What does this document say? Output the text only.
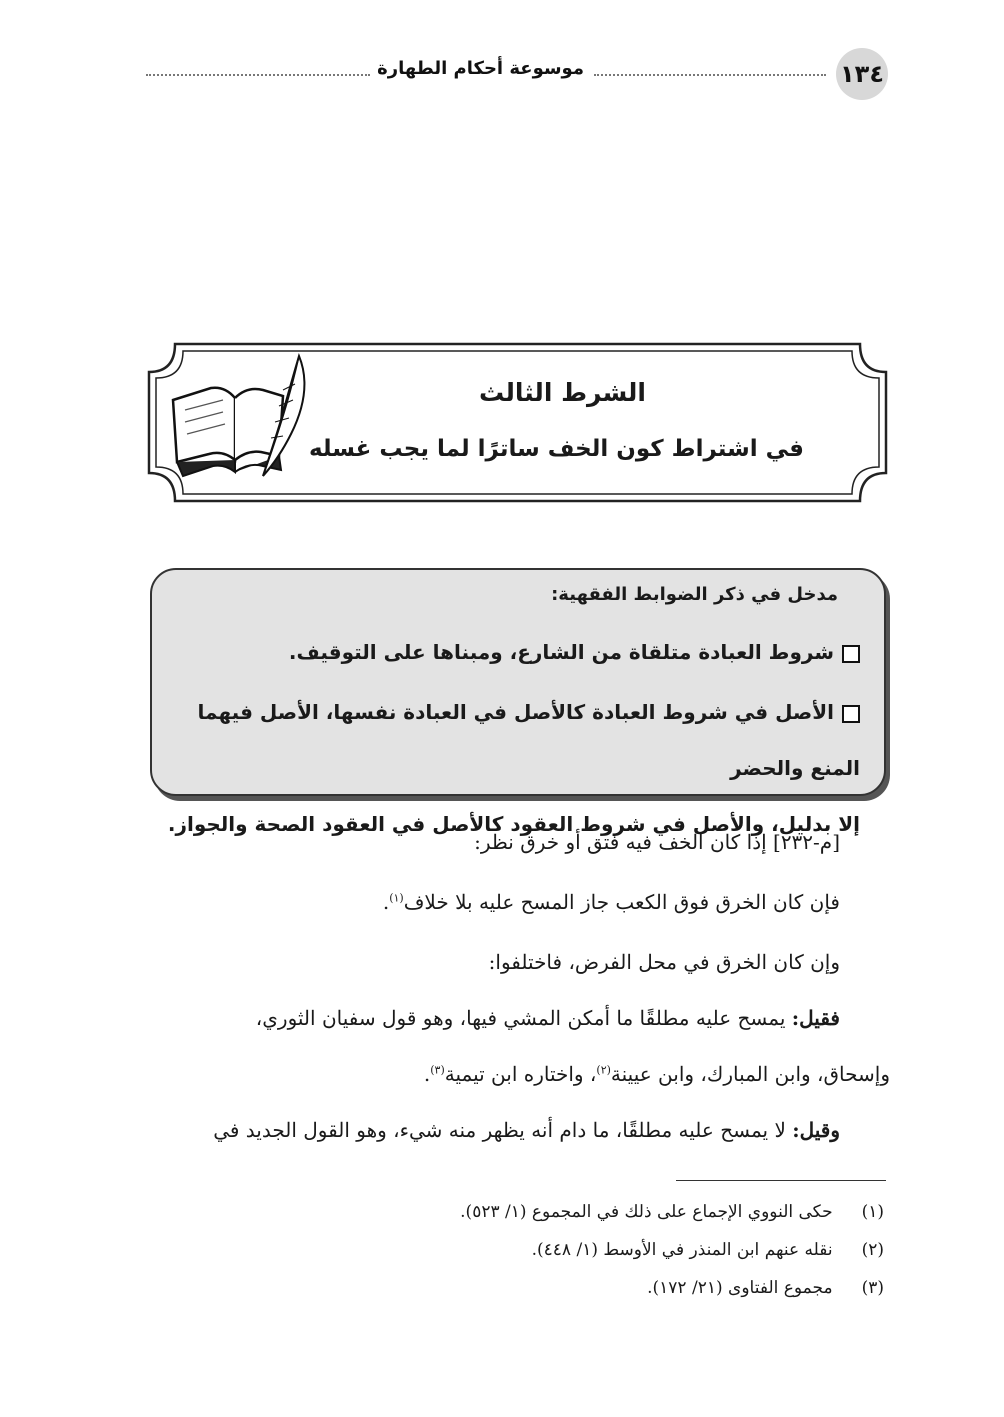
موسوعة أحكام الطهارة	١٣٤
الشرط الثالث
في اشتراط كون الخف ساترًا لما يجب غسله
مدخل في ذكر الضوابط الفقهية:
شروط العبادة متلقاة من الشارع، ومبناها على التوقيف.
الأصل في شروط العبادة كالأصل في العبادة نفسها، الأصل فيهما المنع والحضر
إلا بدليل، والأصل في شروط العقود كالأصل في العقود الصحة والجواز.
[م-٢٣٢] إذا كان الخف فيه فتق أو خرق نظر:
فإن كان الخرق فوق الكعب جاز المسح عليه بلا خلاف$^{(١)}$.
وإن كان الخرق في محل الفرض، فاختلفوا:
فقيل: يمسح عليه مطلقًا ما أمكن المشي فيها، وهو قول سفيان الثوري،
وإسحاق، وابن المبارك، وابن عيينة$^{(٢)}$، واختاره ابن تيمية$^{(٣)}$.
وقيل: لا يمسح عليه مطلقًا، ما دام أنه يظهر منه شيء، وهو القول الجديد في
(١) حكى النووي الإجماع على ذلك في المجموع (١/ ٥٢٣).
(٢) نقله عنهم ابن المنذر في الأوسط (١/ ٤٤٨).
(٣) مجموع الفتاوى (٢١/ ١٧٢).
